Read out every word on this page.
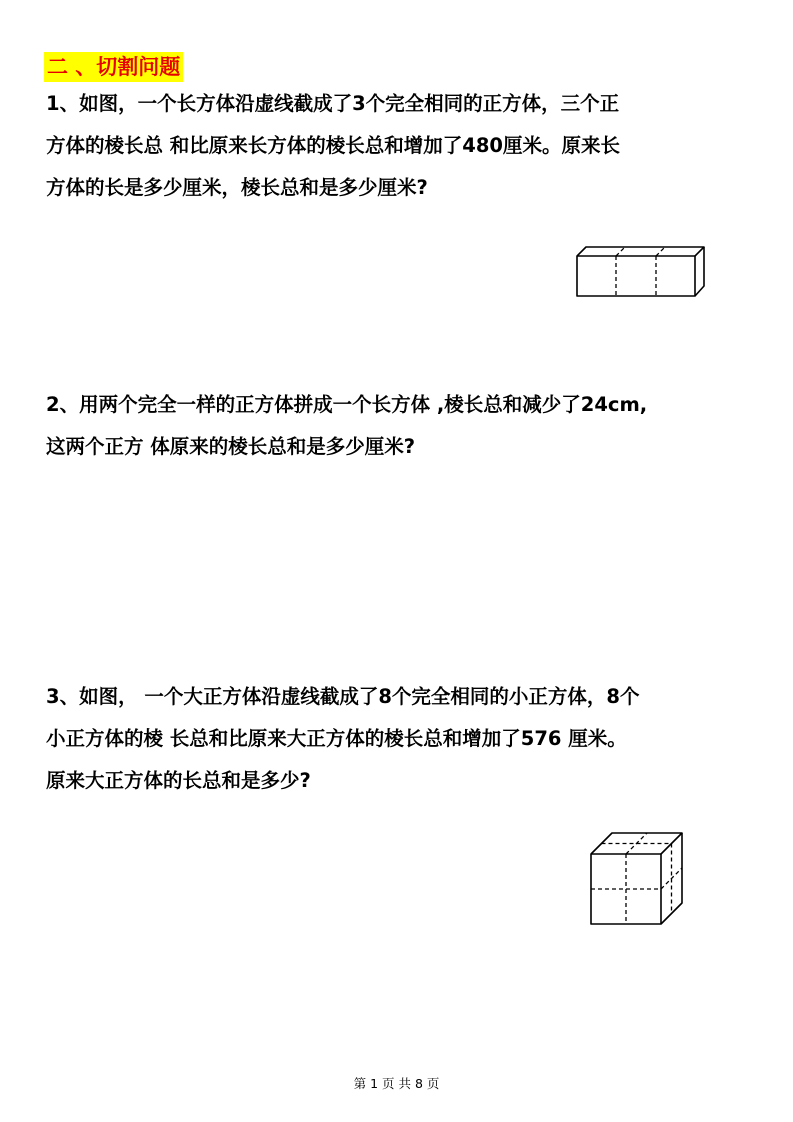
二 、切割问题
1、如图，一个长方体沿虚线截成了3个完全相同的正方体，三个正
方体的棱长总 和比原来长方体的棱长总和增加了480厘米。原来长
方体的长是多少厘米，棱长总和是多少厘米?
2、用两个完全一样的正方体拼成一个长方体 ,棱长总和减少了24cm,
这两个正方 体原来的棱长总和是多少厘米?
3、如图， 一个大正方体沿虚线截成了8个完全相同的小正方体，8个
小正方体的棱 长总和比原来大正方体的棱长总和增加了576 厘米。
原来大正方体的长总和是多少?
第 1 页 共 8 页
